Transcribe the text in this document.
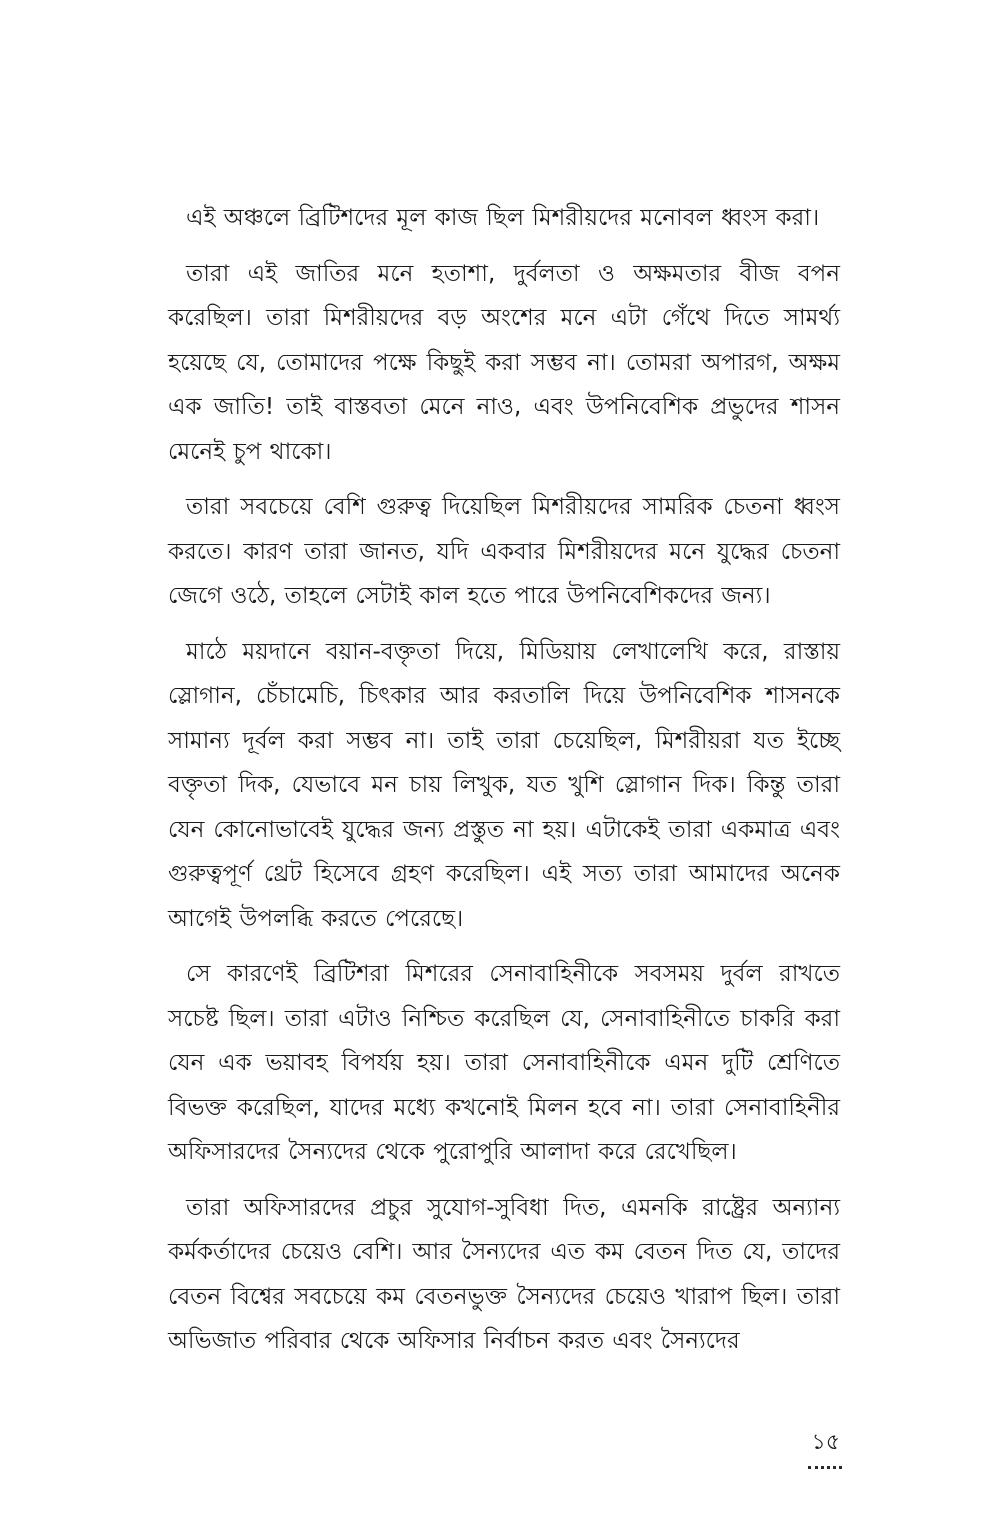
এই অঞ্চলে ব্রিটিশদের মূল কাজ ছিল মিশরীয়দের মনোবল ধ্বংস করা।

তারা এই জাতির মনে হতাশা, দুর্বলতা ও অক্ষমতার বীজ বপন করেছিল। তারা মিশরীয়দের বড় অংশের মনে এটা গেঁথে দিতে সামর্থ্য হয়েছে যে, তোমাদের পক্ষে কিছুই করা সম্ভব না। তোমরা অপারগ, অক্ষম এক জাতি! তাই বাস্তবতা মেনে নাও, এবং উপনিবেশিক প্রভুদের শাসন মেনেই চুপ থাকো।

তারা সবচেয়ে বেশি গুরুত্ব দিয়েছিল মিশরীয়দের সামরিক চেতনা ধ্বংস করতে। কারণ তারা জানত, যদি একবার মিশরীয়দের মনে যুদ্ধের চেতনা জেগে ওঠে, তাহলে সেটাই কাল হতে পারে উপনিবেশিকদের জন্য।

মাঠে ময়দানে বয়ান-বক্তৃতা দিয়ে, মিডিয়ায় লেখালেখি করে, রাস্তায় স্লোগান, চেঁচামেচি, চিৎকার আর করতালি দিয়ে উপনিবেশিক শাসনকে সামান্য দূর্বল করা সম্ভব না। তাই তারা চেয়েছিল, মিশরীয়রা যত ইচ্ছে বক্তৃতা দিক, যেভাবে মন চায় লিখুক, যত খুশি স্লোগান দিক। কিন্তু তারা যেন কোনোভাবেই যুদ্ধের জন্য প্রস্তুত না হয়। এটাকেই তারা একমাত্র এবং গুরুত্বপূর্ণ থ্রেট হিসেবে গ্রহণ করেছিল। এই সত্য তারা আমাদের অনেক আগেই উপলব্ধি করতে পেরেছে।

সে কারণেই ব্রিটিশরা মিশরের সেনাবাহিনীকে সবসময় দুর্বল রাখতে সচেষ্ট ছিল। তারা এটাও নিশ্চিত করেছিল যে, সেনাবাহিনীতে চাকরি করা যেন এক ভয়াবহ বিপর্যয় হয়। তারা সেনাবাহিনীকে এমন দুটি শ্রেণিতে বিভক্ত করেছিল, যাদের মধ্যে কখনোই মিলন হবে না। তারা সেনাবাহিনীর অফিসারদের সৈন্যদের থেকে পুরোপুরি আলাদা করে রেখেছিল।

তারা অফিসারদের প্রচুর সুযোগ-সুবিধা দিত, এমনকি রাষ্ট্রের অন্যান্য কর্মকর্তাদের চেয়েও বেশি। আর সৈন্যদের এত কম বেতন দিত যে, তাদের বেতন বিশ্বের সবচেয়ে কম বেতনভুক্ত সৈন্যদের চেয়েও খারাপ ছিল। তারা অভিজাত পরিবার থেকে অফিসার নির্বাচন করত এবং সৈন্যদের

১৫
